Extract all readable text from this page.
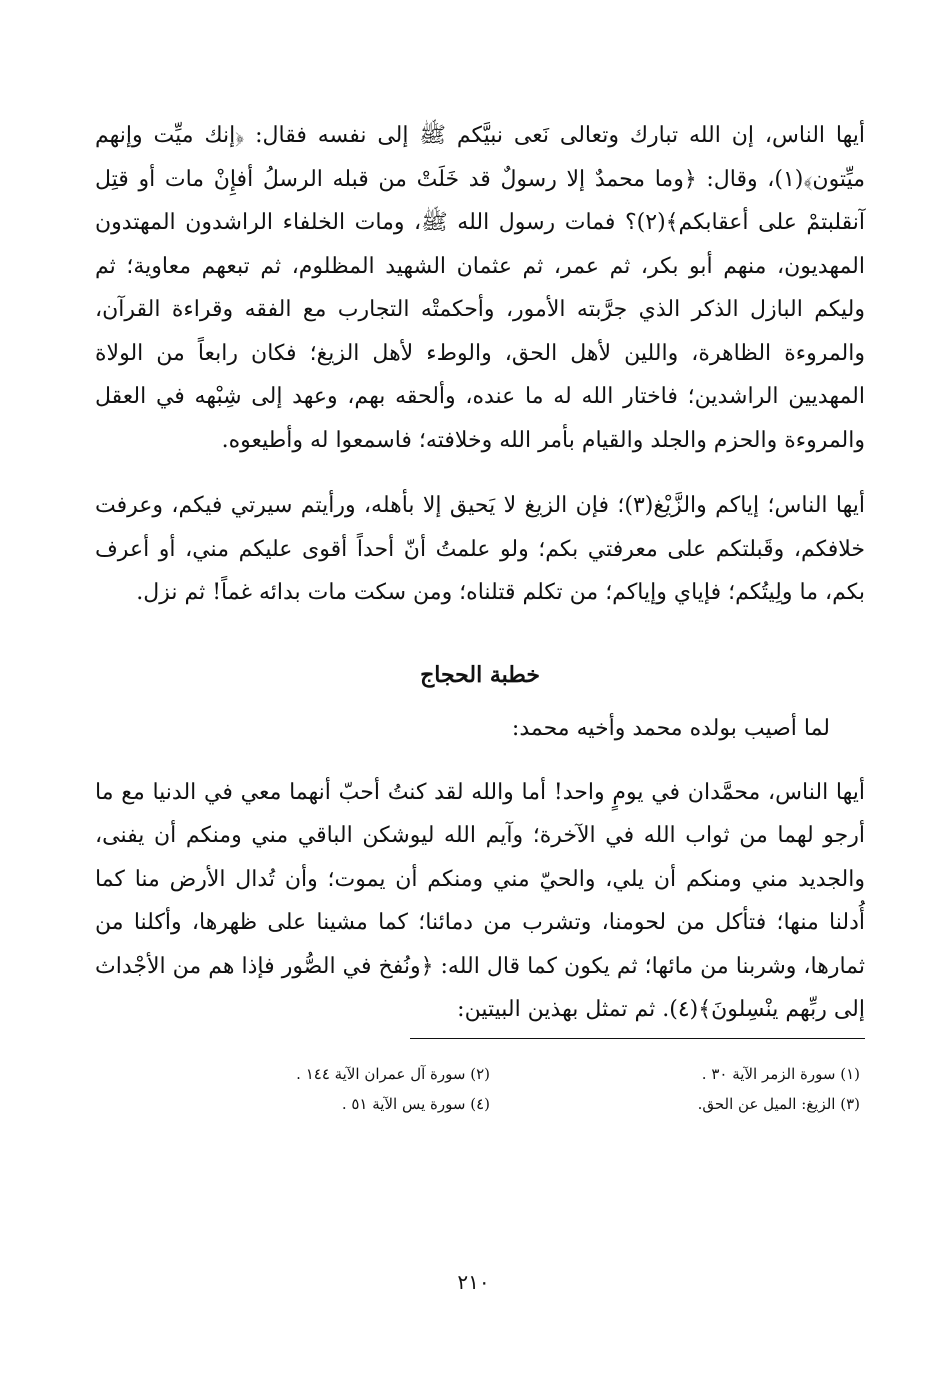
أيها الناس، إن الله تبارك وتعالى نَعى نبيَّكم ﷺ إلى نفسه فقال: ﴿إنك ميِّت وإنهم ميِّتون﴾(١)، وقال: ﴿وما محمدٌ إلا رسولٌ قد خَلَتْ من قبله الرسلُ أفإِنْ مات أو قتِل آنقلبتمْ على أعقابكم﴾(٢)؟ فمات رسول الله ﷺ، ومات الخلفاء الراشدون المهتدون المهديون، منهم أبو بكر، ثم عمر، ثم عثمان الشهيد المظلوم، ثم تبعهم معاوية؛ ثم وليكم البازل الذكر الذي جرَّبته الأمور، وأحكمتْه التجارب مع الفقه وقراءة القرآن، والمروءة الظاهرة، واللين لأهل الحق، والوطء لأهل الزيغ؛ فكان رابعاً من الولاة المهديين الراشدين؛ فاختار الله له ما عنده، وألحقه بهم، وعهد إلى شِبْهه في العقل والمروءة والحزم والجلد والقيام بأمر الله وخلافته؛ فاسمعوا له وأطيعوه.

أيها الناس؛ إياكم والزَّيْغ(٣)؛ فإن الزيغ لا يَحيق إلا بأهله، ورأيتم سيرتي فيكم، وعرفت خلافكم، وقَبلتكم على معرفتي بكم؛ ولو علمتُ أنّ أحداً أقوى عليكم مني، أو أعرف بكم، ما ولِيتُكم؛ فإياي وإياكم؛ من تكلم قتلناه؛ ومن سكت مات بدائه غماً! ثم نزل.

خطبة الحجاج

لما أصيب بولده محمد وأخيه محمد:

أيها الناس، محمَّدان في يومٍ واحد! أما والله لقد كنتُ أحبّ أنهما معي في الدنيا مع ما أرجو لهما من ثواب الله في الآخرة؛ وآيم الله ليوشكن الباقي مني ومنكم أن يفنى، والجديد مني ومنكم أن يلي، والحيّ مني ومنكم أن يموت؛ وأن تُدال الأرض منا كما أُدلنا منها؛ فتأكل من لحومنا، وتشرب من دمائنا؛ كما مشينا على ظهرها، وأكلنا من ثمارها، وشربنا من مائها؛ ثم يكون كما قال الله: ﴿ونُفخ في الصُّور فإذا هم من الأجْداث إلى ربِّهم ينْسِلونَ﴾(٤). ثم تمثل بهذين البيتين:

(١) سورة الزمر الآية ٣٠ .
(٢) سورة آل عمران الآية ١٤٤ .
(٣) الزيغ: الميل عن الحق.
(٤) سورة يس الآية ٥١ .
٢١٠
